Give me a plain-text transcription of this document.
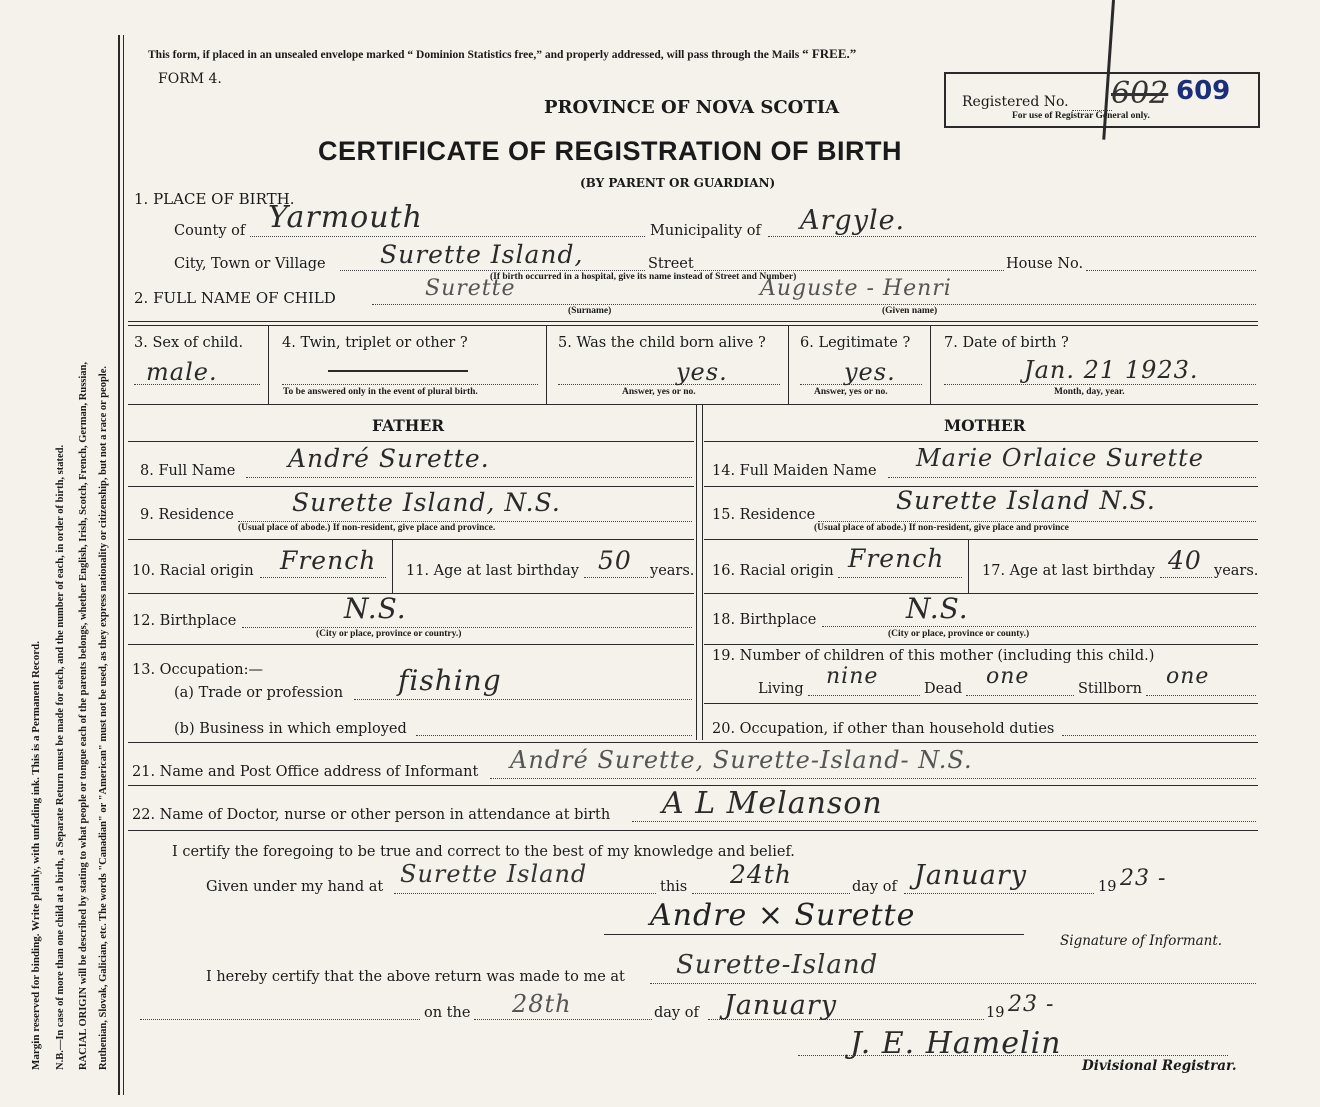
Margin reserved for binding. Write plainly, with unfading ink. This is a Permanent Record. N.B.—In case of more than one child at a birth, a Separate Return must be made for each, and the number of each, in order of birth, stated. RACIAL ORIGIN will be described by stating to what people or tongue each of the parents belongs, whether English, Irish, Scotch, French, German, Russian, Ruthenian, Slovak, Galician, etc. The words "Canadian" or "American" must not be used, as they express nationality or citizenship, but not a race or people.
This form, if placed in an unsealed envelope marked “ Dominion Statistics free,” and properly addressed, will pass through the Mails “ FREE.”
FORM 4.
PROVINCE OF NOVA SCOTIA
CERTIFICATE OF REGISTRATION OF BIRTH
(BY PARENT OR GUARDIAN)
Registered No. 602 609
For use of Registrar General only.
1. PLACE OF BIRTH.
County of Yarmouth	Municipality of Argyle.
City, Town or Village Surette Island,	Street	House No.
(If birth occurred in a hospital, give its name instead of Street and Number)
2. FULL NAME OF CHILD	Surette	Auguste - Henri
(Surname)	(Given name)
3. Sex of child.
male.
4. Twin, triplet or other ?
To be answered only in the event of plural birth.
5. Was the child born alive ?
yes.
Answer, yes or no.
6. Legitimate ?
yes.
Answer, yes or no.
7. Date of birth ?
Jan. 21 1923.
Month, day, year.
FATHER	MOTHER
8. Full Name André Surette.	14. Full Maiden Name Marie Orlaice Surette
9. Residence Surette Island, N.S.
(Usual place of abode.) If non-resident, give place and province.
15. Residence	Surette Island N.S.
(Usual place of abode.) If non-resident, give place and province
10. Racial origin French 11. Age at last birthday 50 years. 16. Racial origin French	17. Age at last birthday 40 years.
12. Birthplace	N.S.
(City or place, province or country.)
18. Birthplace	N.S.
(City or place, province or county.)
13. Occupation:—
(a) Trade or profession fishing
(b) Business in which employed
19. Number of children of this mother (including this child.)
Living nine	Dead one	Stillborn one
20. Occupation, if other than household duties
21. Name and Post Office address of Informant André Surette, Surette-Island- N.S.
22. Name of Doctor, nurse or other person in attendance at birth A L Melanson
I certify the foregoing to be true and correct to the best of my knowledge and belief.
Given under my hand at Surette Island	this 24th	day of January	19 23 -
Andre × Surette
Signature of Informant.
I hereby certify that the above return was made to me at Surette-Island
on the 28th	day of January	19 23 -
J. E. Hamelin
Divisional Registrar.
